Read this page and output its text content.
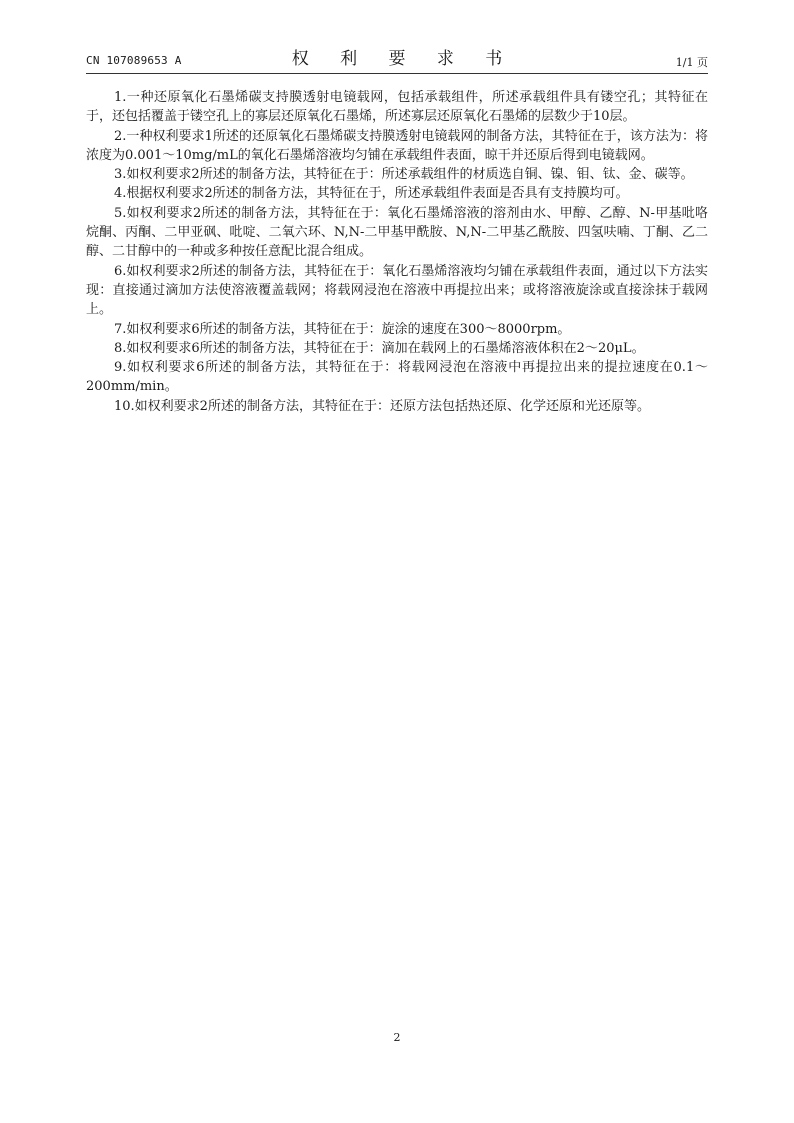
CN 107089653 A	权 利 要 求 书	1/1 页

1.一种还原氧化石墨烯碳支持膜透射电镜载网，包括承载组件，所述承载组件具有镂空孔；其特征在于，还包括覆盖于镂空孔上的寡层还原氧化石墨烯，所述寡层还原氧化石墨烯的层数少于10层。

2.一种权利要求1所述的还原氧化石墨烯碳支持膜透射电镜载网的制备方法，其特征在于，该方法为：将浓度为0.001～10mg/mL的氧化石墨烯溶液均匀铺在承载组件表面，晾干并还原后得到电镜载网。

3.如权利要求2所述的制备方法，其特征在于：所述承载组件的材质选自铜、镍、钼、钛、金、碳等。

4.根据权利要求2所述的制备方法，其特征在于，所述承载组件表面是否具有支持膜均可。

5.如权利要求2所述的制备方法，其特征在于：氧化石墨烯溶液的溶剂由水、甲醇、乙醇、N-甲基吡咯烷酮、丙酮、二甲亚砜、吡啶、二氧六环、N,N-二甲基甲酰胺、N,N-二甲基乙酰胺、四氢呋喃、丁酮、乙二醇、二甘醇中的一种或多种按任意配比混合组成。

6.如权利要求2所述的制备方法，其特征在于：氧化石墨烯溶液均匀铺在承载组件表面，通过以下方法实现：直接通过滴加方法使溶液覆盖载网；将载网浸泡在溶液中再提拉出来；或将溶液旋涂或直接涂抹于载网上。

7.如权利要求6所述的制备方法，其特征在于：旋涂的速度在300～8000rpm。

8.如权利要求6所述的制备方法，其特征在于：滴加在载网上的石墨烯溶液体积在2～20μL。

9.如权利要求6所述的制备方法，其特征在于：将载网浸泡在溶液中再提拉出来的提拉速度在0.1～200mm/min。

10.如权利要求2所述的制备方法，其特征在于：还原方法包括热还原、化学还原和光还原等。

2
